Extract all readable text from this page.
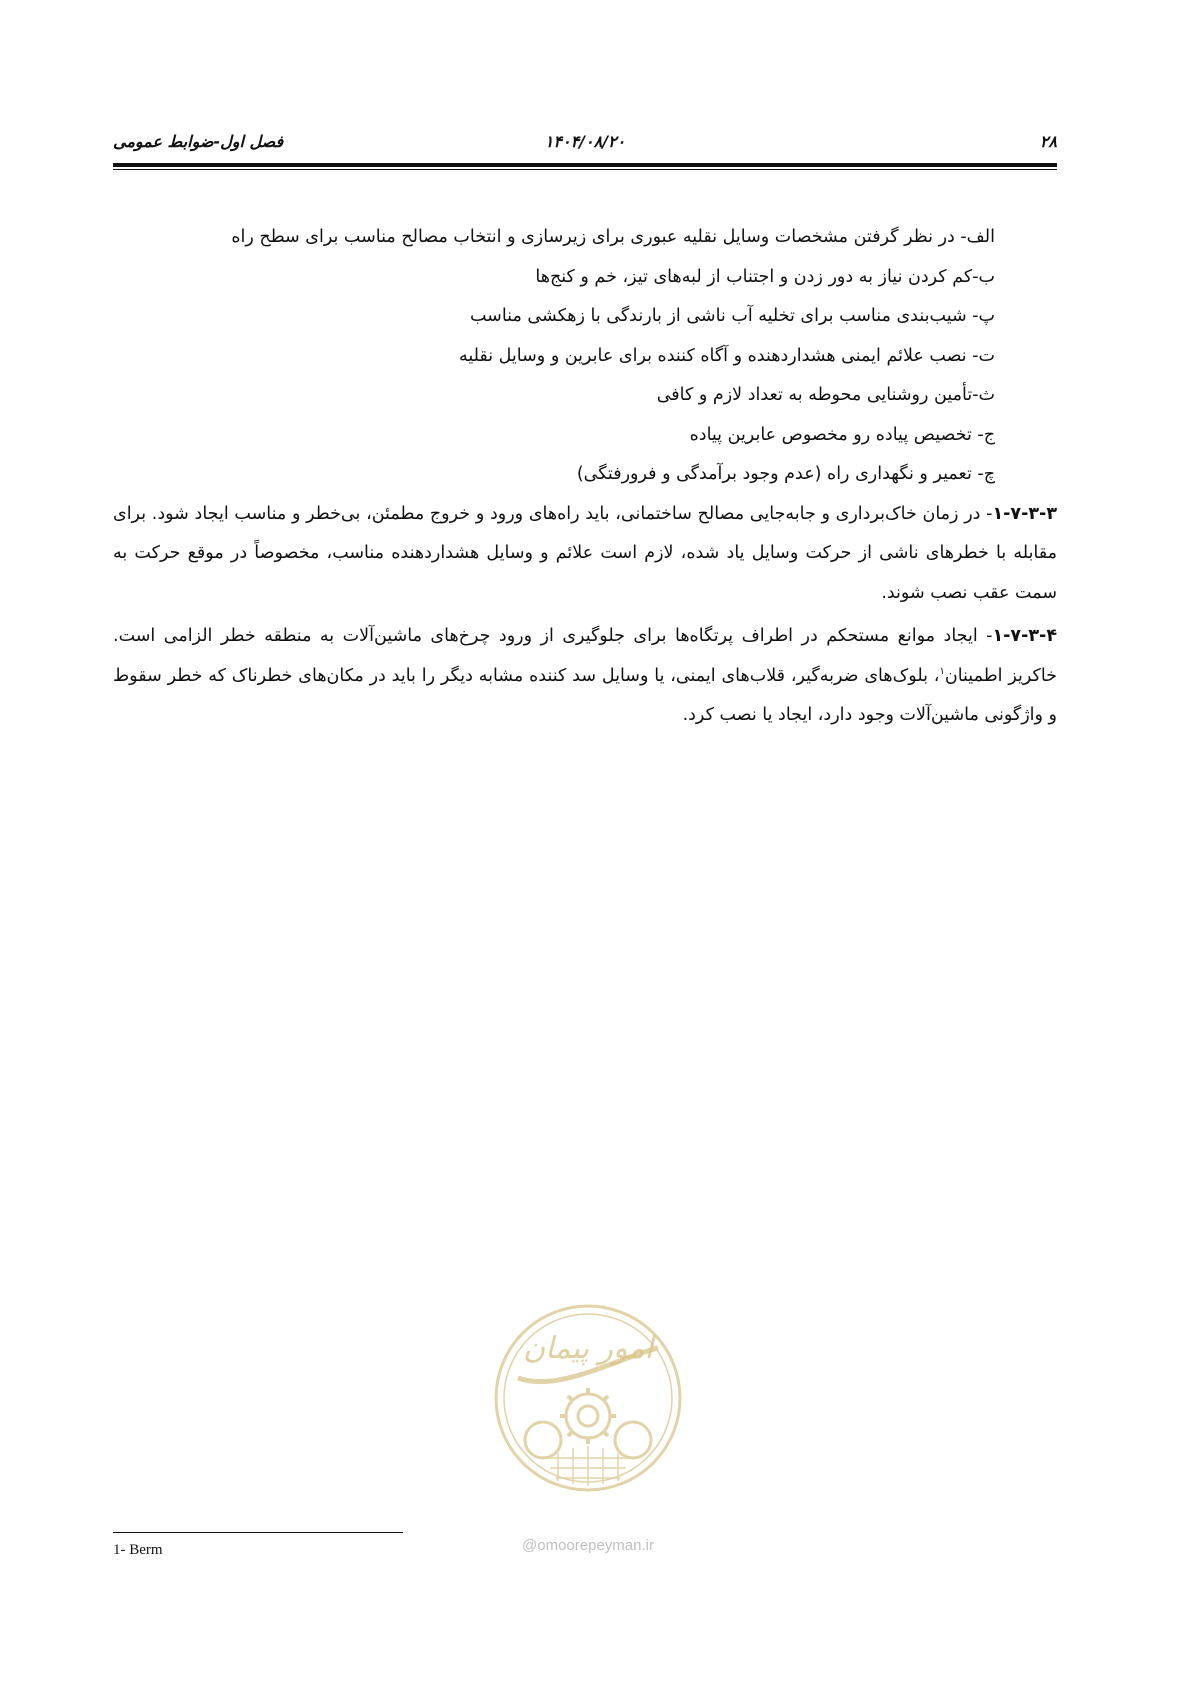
۲۸
۱۴۰۴/۰۸/۲۰
فصل اول-ضوابط عمومی
الف- در نظر گرفتن مشخصات وسایل نقلیه عبوری برای زیرسازی و انتخاب مصالح مناسب برای سطح راه
ب-کم کردن نیاز به دور زدن و اجتناب از لبه‌های تیز، خم و کنج‌ها
پ- شیب‌بندی مناسب برای تخلیه آب ناشی از بارندگی با زهکشی مناسب
ت- نصب علائم ایمنی هشداردهنده و آگاه کننده برای عابرین و وسایل نقلیه
ث-تأمین روشنایی محوطه به تعداد لازم و کافی
ج- تخصیص پیاده رو مخصوص عابرین پیاده
چ- تعمیر و نگهداری راه (عدم وجود برآمدگی و فرورفتگی)

۱-۷-۳-۳- در زمان خاک‌برداری و جابه‌جایی مصالح ساختمانی، باید راه‌های ورود و خروج مطمئن، بی‌خطر و مناسب ایجاد شود. برای مقابله با خطرهای ناشی از حرکت وسایل یاد شده، لازم است علائم و وسایل هشداردهنده مناسب، مخصوصاً در موقع حرکت به سمت عقب نصب شوند.

۱-۷-۳-۴- ایجاد موانع مستحکم در اطراف پرتگاه‌ها برای جلوگیری از ورود چرخ‌های ماشین‌آلات به منطقه خطر الزامی است. خاکریز اطمینان$^۱$، بلوک‌های ضربه‌گیر، قلاب‌های ایمنی، یا وسایل سد کننده مشابه دیگر را باید در مکان‌های خطرناک که خطر سقوط و واژگونی ماشین‌آلات وجود دارد، ایجاد یا نصب کرد.

امور پیمان
@omoorepeyman.ir
1- Berm
